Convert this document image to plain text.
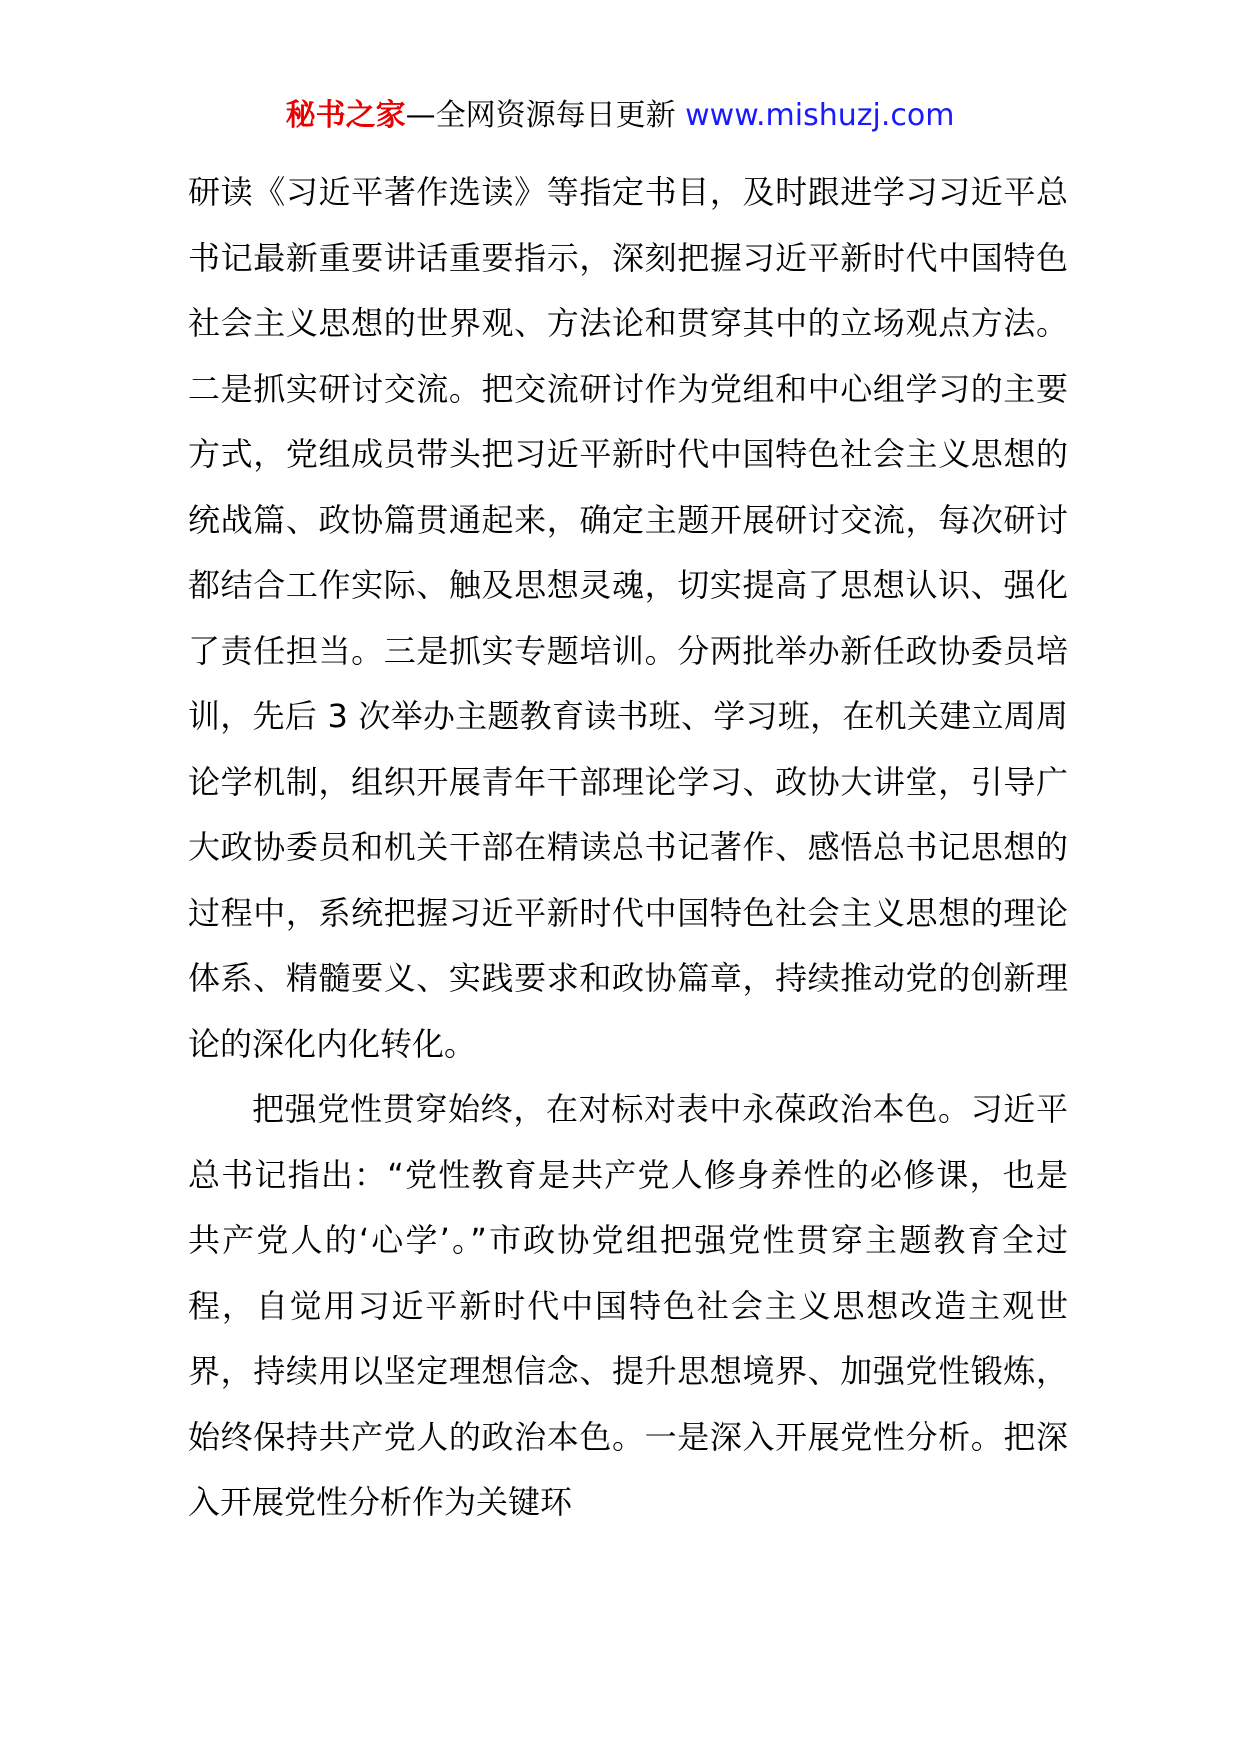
秘书之家—全网资源每日更新 www.mishuzj.com

研读《习近平著作选读》等指定书目，及时跟进学习习近平总书记最新重要讲话重要指示，深刻把握习近平新时代中国特色社会主义思想的世界观、方法论和贯穿其中的立场观点方法。二是抓实研讨交流。把交流研讨作为党组和中心组学习的主要方式，党组成员带头把习近平新时代中国特色社会主义思想的统战篇、政协篇贯通起来，确定主题开展研讨交流，每次研讨都结合工作实际、触及思想灵魂，切实提高了思想认识、强化了责任担当。三是抓实专题培训。分两批举办新任政协委员培训，先后 3 次举办主题教育读书班、学习班，在机关建立周周论学机制，组织开展青年干部理论学习、政协大讲堂，引导广大政协委员和机关干部在精读总书记著作、感悟总书记思想的过程中，系统把握习近平新时代中国特色社会主义思想的理论体系、精髓要义、实践要求和政协篇章，持续推动党的创新理论的深化内化转化。

把强党性贯穿始终，在对标对表中永葆政治本色。习近平总书记指出：“党性教育是共产党人修身养性的必修课，也是共产党人的‘心学’。”市政协党组把强党性贯穿主题教育全过程，自觉用习近平新时代中国特色社会主义思想改造主观世界，持续用以坚定理想信念、提升思想境界、加强党性锻炼，始终保持共产党人的政治本色。一是深入开展党性分析。把深入开展党性分析作为关键环
